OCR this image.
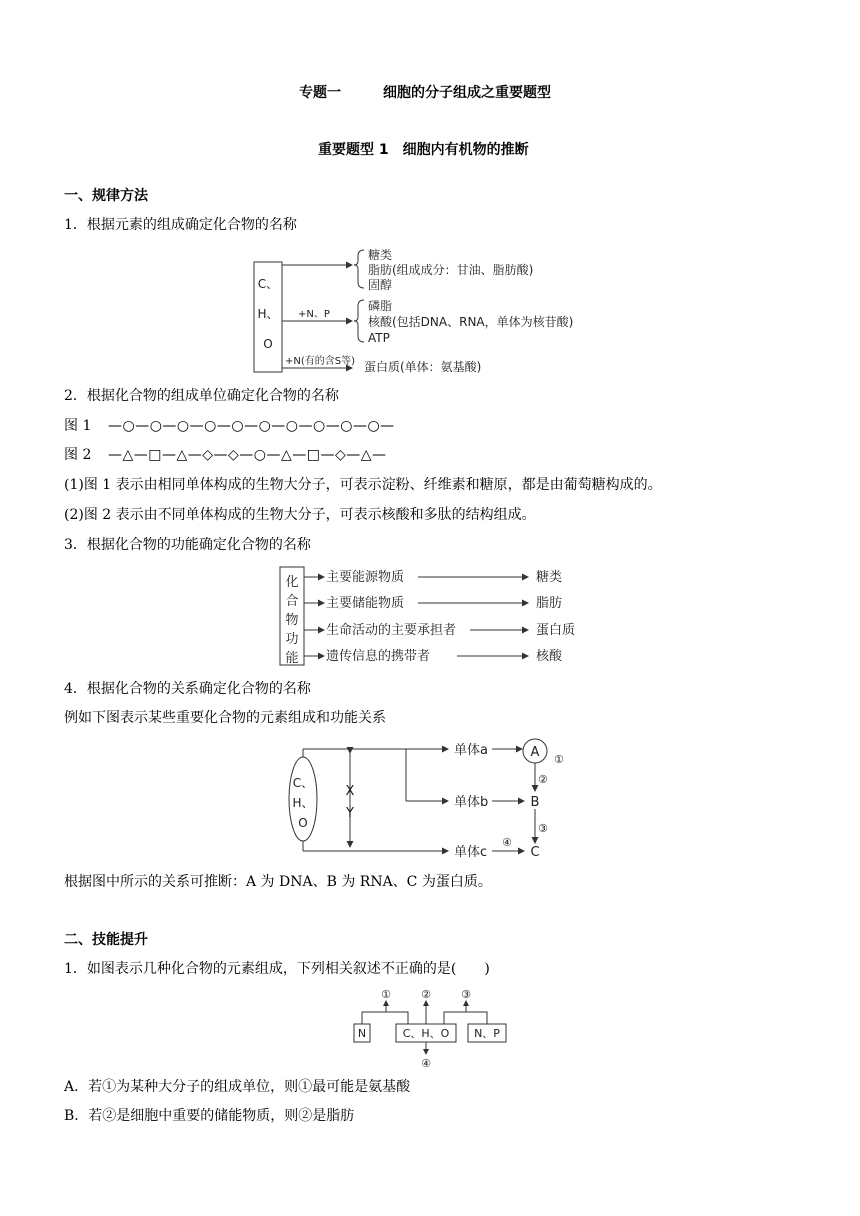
专题一	细胞的分子组成之重要题型
重要题型 1　细胞内有机物的推断
一、规律方法
1．根据元素的组成确定化合物的名称
C、
H、
O
+N、P
+N(有的含S等)
糖类
脂肪(组成成分：甘油、脂肪酸)
固醇
磷脂
核酸(包括DNA、RNA，单体为核苷酸)
ATP
蛋白质(单体：氨基酸)
2．根据化合物的组成单位确定化合物的名称
图 1 —○—○—○—○—○—○—○—○—○—○—
图 2 —△—□—△—◇—◇—○—△—□—◇—△—
(1)图 1 表示由相同单体构成的生物大分子，可表示淀粉、纤维素和糖原，都是由葡萄糖构成的。
(2)图 2 表示由不同单体构成的生物大分子，可表示核酸和多肽的结构组成。
3．根据化合物的功能确定化合物的名称
化
合
物
功
能
主要能源物质	糖类
主要储能物质	脂肪
生命活动的主要承担者	蛋白质
遗传信息的携带者	核酸
4．根据化合物的关系确定化合物的名称
例如下图表示某些重要化合物的元素组成和功能关系
C、
H、
O
X
Y
单体a
单体b
单体c
④
A ①
②
B
③
C
根据图中所示的关系可推断：A 为 DNA、B 为 RNA、C 为蛋白质。
二、技能提升
1．如图表示几种化合物的元素组成，下列相关叙述不正确的是(　　)
N	C、H、O N、P
①	②	③
④
A．若①为某种大分子的组成单位，则①最可能是氨基酸
B．若②是细胞中重要的储能物质，则②是脂肪
